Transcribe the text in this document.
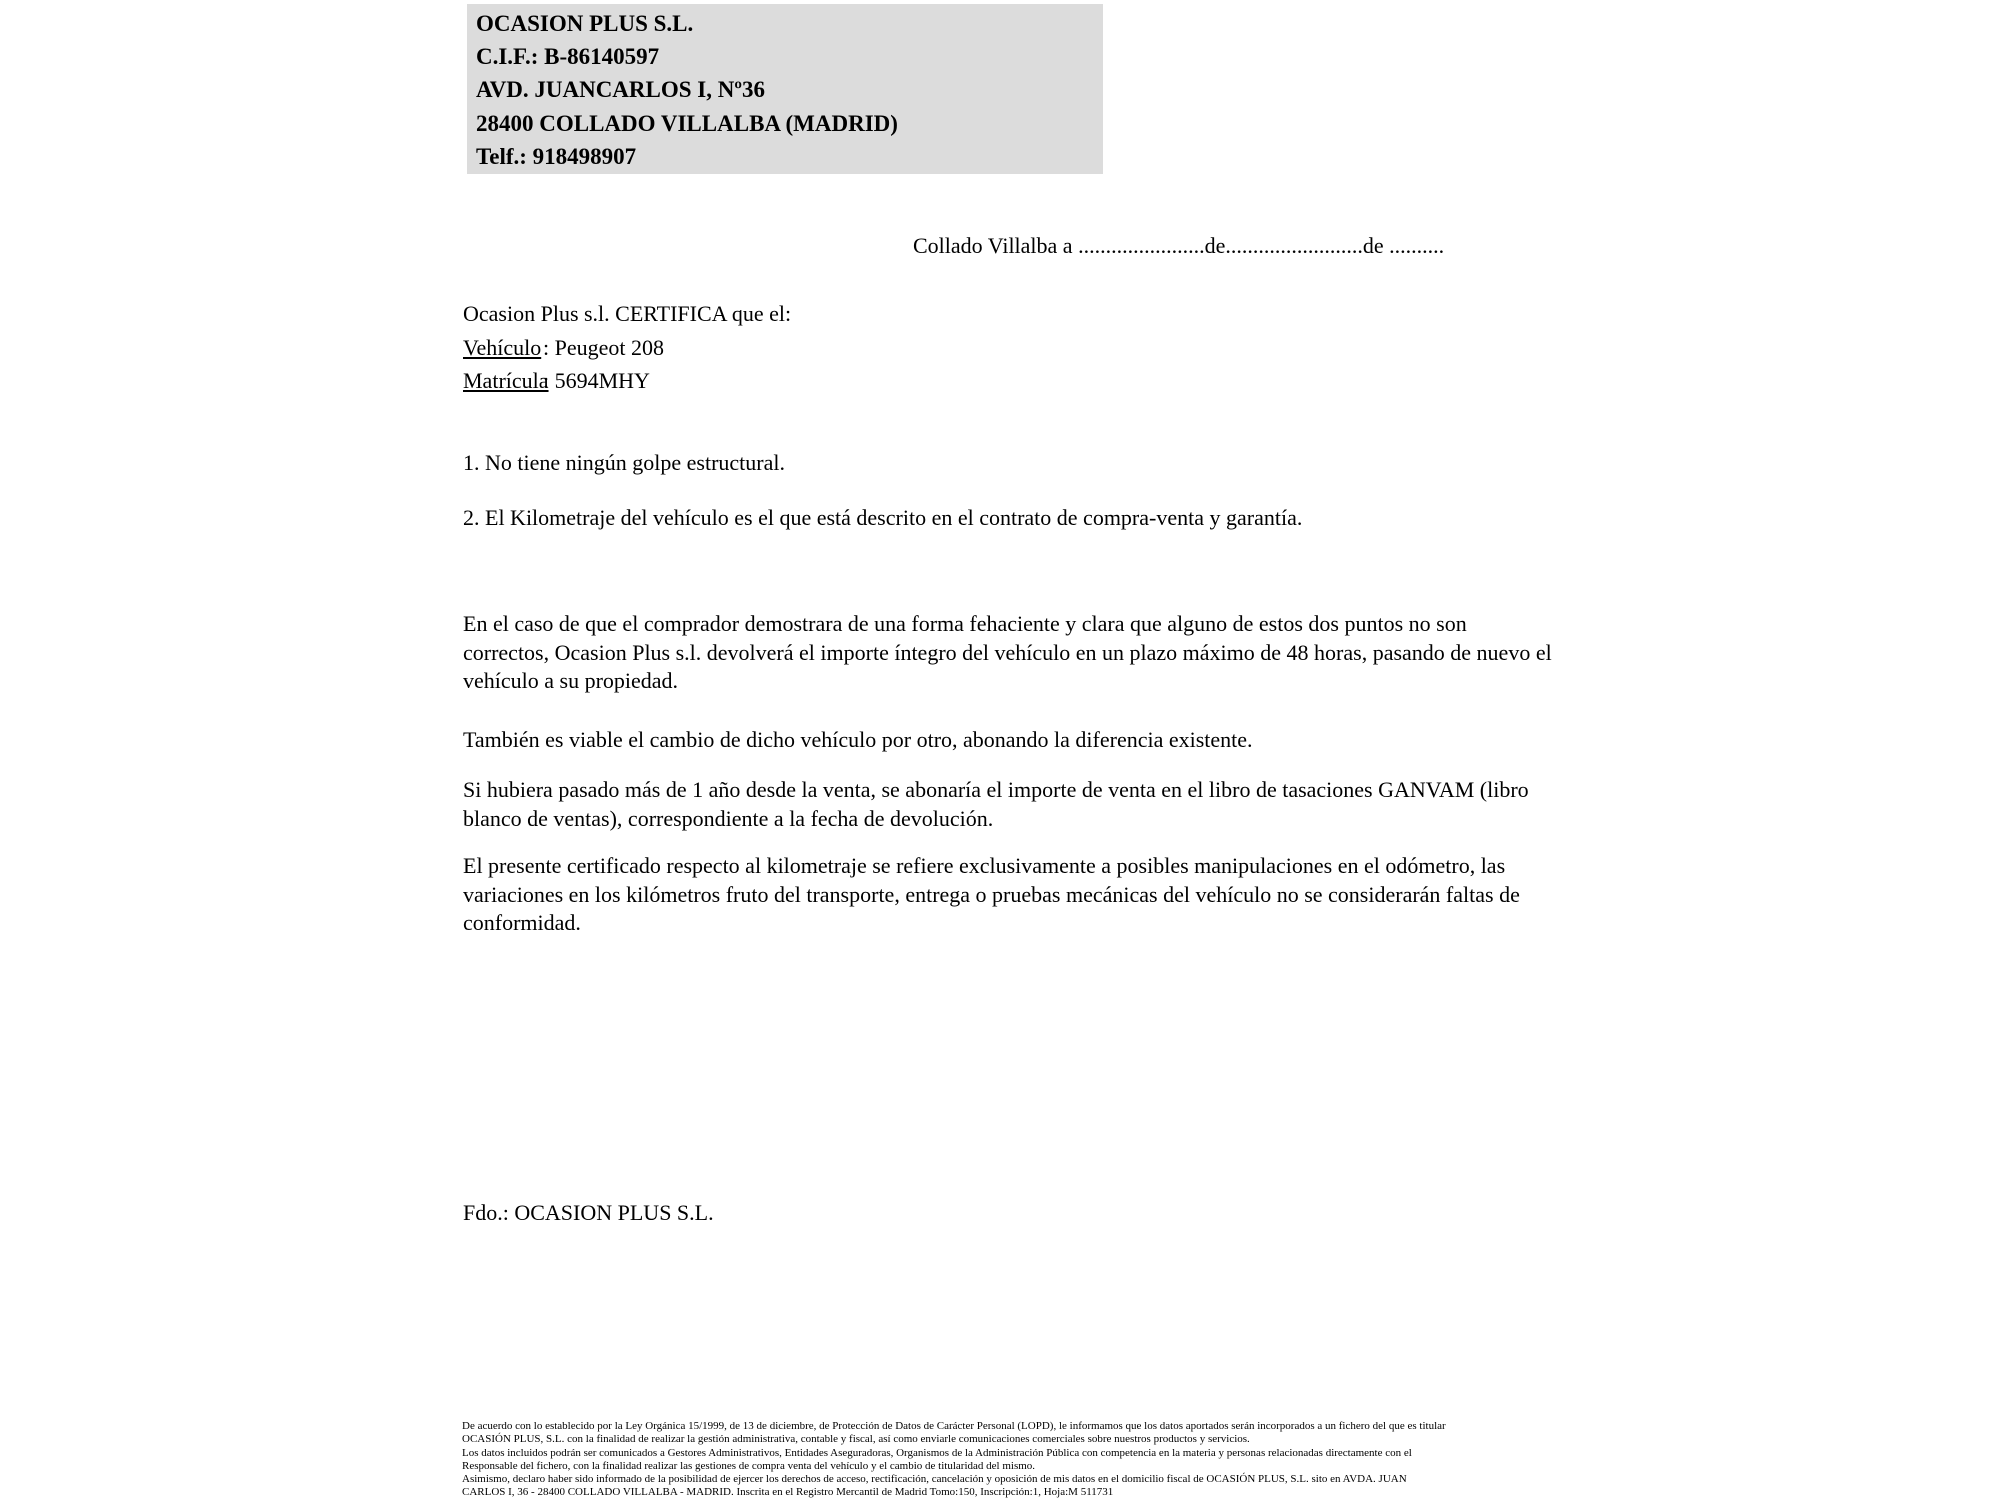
OCASION PLUS S.L.
C.I.F.: B-86140597
AVD. JUANCARLOS I, Nº36
28400 COLLADO VILLALBA (MADRID)
Telf.: 918498907
Collado Villalba a .......................de.........................de ..........
Ocasion Plus s.l. CERTIFICA que el:
Vehículo: Peugeot 208
Matrícula: 5694MHY
1. No tiene ningún golpe estructural.
2. El Kilometraje del vehículo es el que está descrito en el contrato de compra-venta y garantía.
En el caso de que el comprador demostrara de una forma fehaciente y clara que alguno de estos dos puntos no son correctos, Ocasion Plus s.l. devolverá el importe íntegro del vehículo en un plazo máximo de 48 horas, pasando de nuevo el vehículo a su propiedad.
También es viable el cambio de dicho vehículo por otro, abonando la diferencia existente.
Si hubiera pasado más de 1 año desde la venta, se abonaría el importe de venta en el libro de tasaciones GANVAM (libro blanco de ventas), correspondiente a la fecha de devolución.
El presente certificado respecto al kilometraje se refiere exclusivamente a posibles manipulaciones en el odómetro, las variaciones en los kilómetros fruto del transporte, entrega o pruebas mecánicas del vehículo no se considerarán faltas de conformidad.
Fdo.: OCASION PLUS S.L.
De acuerdo con lo establecido por la Ley Orgánica 15/1999, de 13 de diciembre, de Protección de Datos de Carácter Personal (LOPD), le informamos que los datos aportados serán incorporados a un fichero del que es titular
OCASIÓN PLUS, S.L. con la finalidad de realizar la gestión administrativa, contable y fiscal, así como enviarle comunicaciones comerciales sobre nuestros productos y servicios.
Los datos incluidos podrán ser comunicados a Gestores Administrativos, Entidades Aseguradoras, Organismos de la Administración Pública con competencia en la materia y personas relacionadas directamente con el
Responsable del fichero, con la finalidad realizar las gestiones de compra venta del vehículo y el cambio de titularidad del mismo.
Asimismo, declaro haber sido informado de la posibilidad de ejercer los derechos de acceso, rectificación, cancelación y oposición de mis datos en el domicilio fiscal de OCASIÓN PLUS, S.L. sito en AVDA. JUAN
CARLOS I, 36 - 28400 COLLADO VILLALBA - MADRID. Inscrita en el Registro Mercantil de Madrid Tomo:150, Inscripción:1, Hoja:M 511731
